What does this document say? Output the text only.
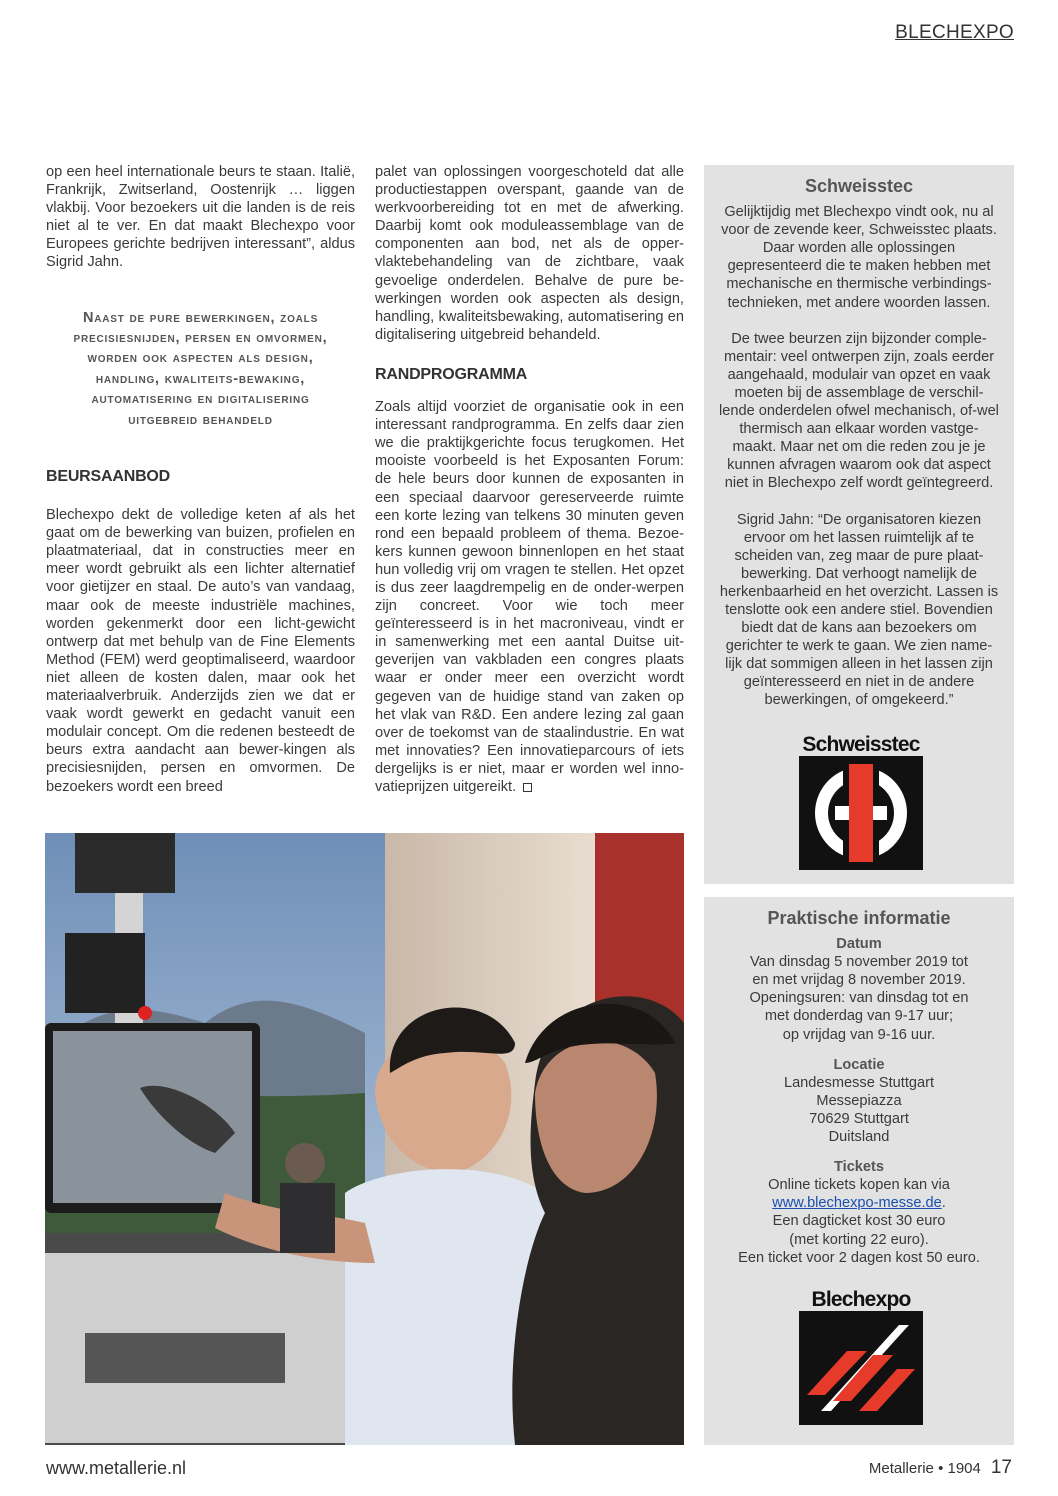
BLECHEXPO

op een heel internationale beurs te staan. Italië, Frankrijk, Zwitserland, Oostenrijk … liggen vlakbij. Voor bezoekers uit die landen is de reis niet al te ver. En dat maakt Blechexpo voor Europees gerichte bedrijven interessant”, aldus Sigrid Jahn.

Naast de pure bewerkingen, zoals precisiesnijden, persen en omvormen, worden ook aspecten als design, handling, kwaliteits-bewaking, automatisering en digitalisering uitgebreid behandeld
BEURSAANBOD

Blechexpo dekt de volledige keten af als het gaat om de bewerking van buizen, profielen en plaatmateriaal, dat in constructies meer en meer wordt gebruikt als een lichter alternatief voor gietijzer en staal. De auto’s van vandaag, maar ook de meeste industriële machines, worden gekenmerkt door een licht-gewicht ontwerp dat met behulp van de Fine Elements Method (FEM) werd geoptimaliseerd, waardoor niet alleen de kosten dalen, maar ook het materiaalverbruik. Anderzijds zien we dat er vaak wordt gewerkt en gedacht vanuit een modulair concept. Om die redenen besteedt de beurs extra aandacht aan bewer-kingen als precisiesnijden, persen en omvormen. De bezoekers wordt een breed

palet van oplossingen voorgeschoteld dat alle productiestappen overspant, gaande van de werkvoorbereiding tot en met de afwerking. Daarbij komt ook moduleassemblage van de componenten aan bod, net als de opper-vlaktebehandeling van de zichtbare, vaak gevoelige onderdelen. Behalve de pure be-werkingen worden ook aspecten als design, handling, kwaliteitsbewaking, automatisering en digitalisering uitgebreid behandeld.

RANDPROGRAMMA

Zoals altijd voorziet de organisatie ook in een interessant randprogramma. En zelfs daar zien we die praktijkgerichte focus terugkomen. Het mooiste voorbeeld is het Exposanten Forum: de hele beurs door kunnen de exposanten in een speciaal daarvoor gereserveerde ruimte een korte lezing van telkens 30 minuten geven rond een bepaald probleem of thema. Bezoe-kers kunnen gewoon binnenlopen en het staat hun volledig vrij om vragen te stellen. Het opzet is dus zeer laagdrempelig en de onder-werpen zijn concreet. Voor wie toch meer geïnteresseerd is in het macroniveau, vindt er in samenwerking met een aantal Duitse uit-geverijen van vakbladen een congres plaats waar er onder meer een overzicht wordt gegeven van de huidige stand van zaken op het vlak van R&D. Een andere lezing zal gaan over de toekomst van de staalindustrie. En wat met innovaties? Een innovatieparcours of iets dergelijks is er niet, maar er worden wel inno-vatieprijzen uitgereikt.

Schweisstec

Gelijktijdig met Blechexpo vindt ook, nu al voor de zevende keer, Schweisstec plaats. Daar worden alle oplossingen gepresenteerd die te maken hebben met mechanische en thermische verbindings-technieken, met andere woorden lassen.

De twee beurzen zijn bijzonder comple-mentair: veel ontwerpen zijn, zoals eerder aangehaald, modulair van opzet en vaak moeten bij de assemblage de verschil-lende onderdelen ofwel mechanisch, of-wel thermisch aan elkaar worden vastge-maakt. Maar net om die reden zou je je kunnen afvragen waarom ook dat aspect niet in Blechexpo zelf wordt geïntegreerd.

Sigrid Jahn: “De organisatoren kiezen ervoor om het lassen ruimtelijk af te scheiden van, zeg maar de pure plaat-bewerking. Dat verhoogt namelijk de herkenbaarheid en het overzicht. Lassen is tenslotte ook een andere stiel. Bovendien biedt dat de kans aan bezoekers om gerichter te werk te gaan. We zien name-lijk dat sommigen alleen in het lassen zijn geïnteresseerd en niet in de andere bewerkingen, of omgekeerd.”

Schweisstec
Praktische informatie
Datum
Van dinsdag 5 november 2019 tot
en met vrijdag 8 november 2019.
Openingsuren: van dinsdag tot en
met donderdag van 9-17 uur;
op vrijdag van 9-16 uur.
Locatie
Landesmesse Stuttgart
Messepiazza
70629 Stuttgart
Duitsland
Tickets
Online tickets kopen kan via
www.blechexpo-messe.de.
Een dagticket kost 30 euro
(met korting 22 euro).
Een ticket voor 2 dagen kost 50 euro.
Blechexpo
www.metallerie.nl	Metallerie • 1904 17
